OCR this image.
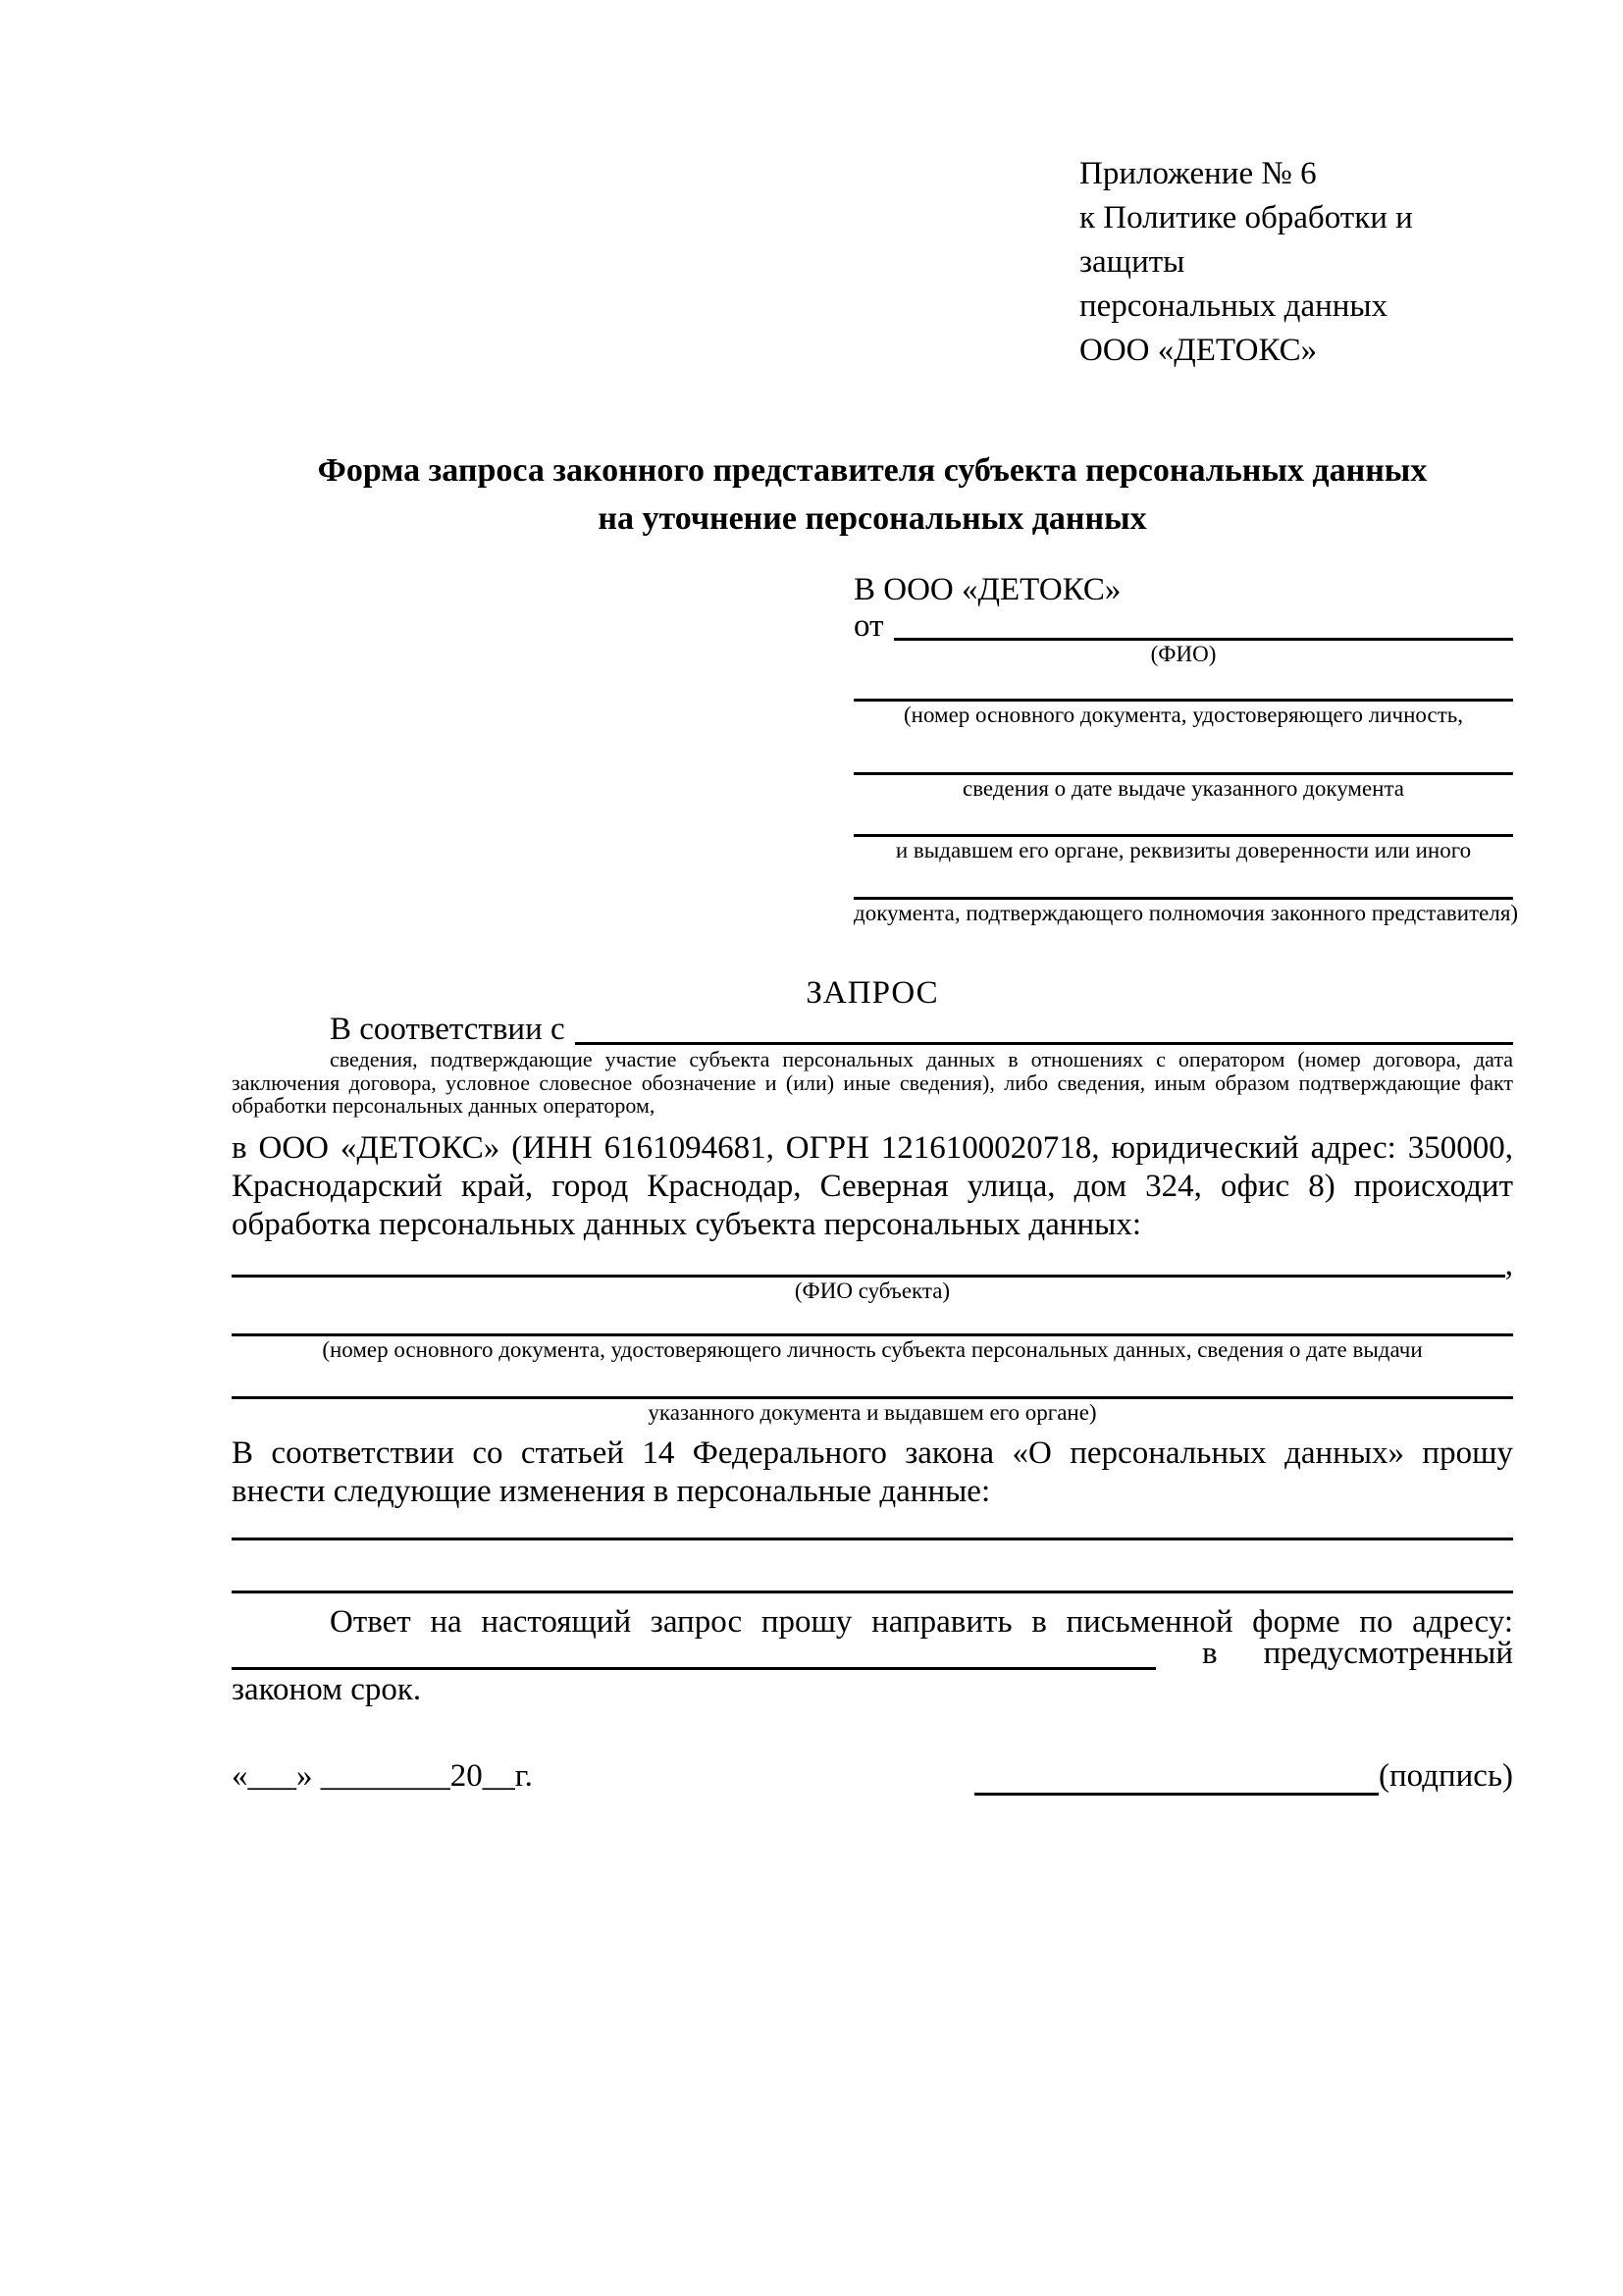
Приложение № 6
к Политике обработки и защиты
персональных данных
ООО «ДЕТОКС»
Форма запроса законного представителя субъекта персональных данных
на уточнение персональных данных
В ООО «ДЕТОКС»
от
(ФИО)
(номер основного документа, удостоверяющего личность,
сведения о дате выдаче указанного документа
и выдавшем его органе, реквизиты доверенности или иного
документа, подтверждающего полномочия законного представителя)
ЗАПРОС
В соответствии с
сведения, подтверждающие участие субъекта персональных данных в отношениях с оператором (номер договора, дата заключения договора, условное словесное обозначение и (или) иные сведения), либо сведения, иным образом подтверждающие факт обработки персональных данных оператором,
в ООО «ДЕТОКС» (ИНН 6161094681, ОГРН 1216100020718, юридический адрес: 350000, Краснодарский край, город Краснодар, Северная улица, дом 324, офис 8) происходит обработка персональных данных субъекта персональных данных:
,
(ФИО субъекта)
(номер основного документа, удостоверяющего личность субъекта персональных данных, сведения о дате выдачи
указанного документа и выдавшем его органе)
В соответствии со статьей 14 Федерального закона «О персональных данных» прошу внести следующие изменения в персональные данные:
Ответ на настоящий запрос прошу направить в письменной форме по адресу:
в предусмотренный
законом срок.
«___» ________20__г.	(подпись)
